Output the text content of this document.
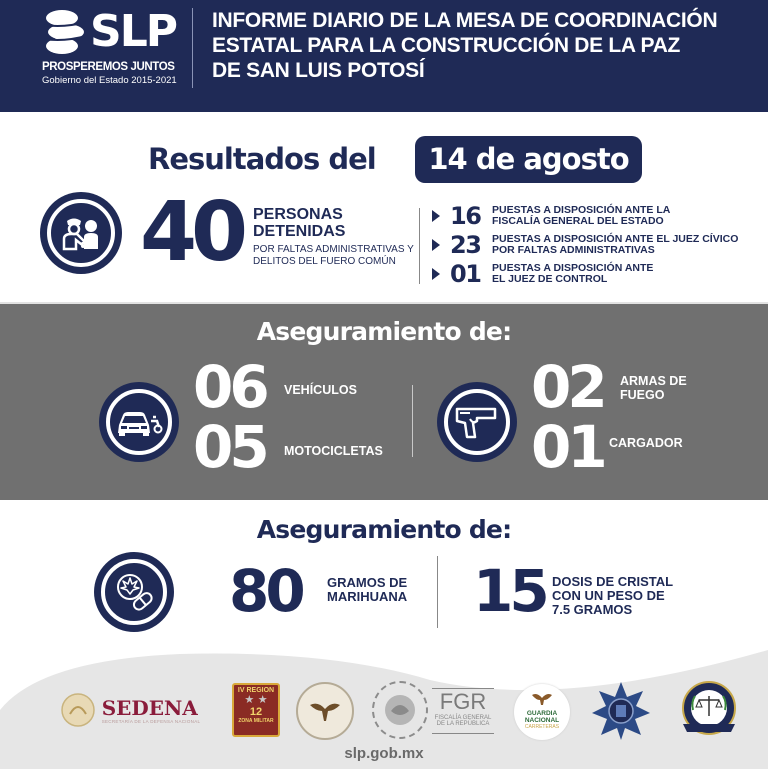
SLP
PROSPEREMOS JUNTOS
Gobierno del Estado 2015-2021
INFORME DIARIO DE LA MESA DE COORDINACIÓN
ESTATAL PARA LA CONSTRUCCIÓN DE LA PAZ
DE SAN LUIS POTOSÍ
Resultados del	14 de agosto
40 PERSONAS
DETENIDAS
POR FALTAS ADMINISTRATIVAS Y
DELITOS DEL FUERO COMÚN
16	PUESTAS A DISPOSICIÓN ANTE LA
FISCALÍA GENERAL DEL ESTADO
23	PUESTAS A DISPOSICIÓN ANTE EL JUEZ CÍVICO
POR FALTAS ADMINISTRATIVAS
01	PUESTAS A DISPOSICIÓN ANTE
EL JUEZ DE CONTROL
Aseguramiento de:
06 VEHÍCULOS
05 MOTOCICLETAS
02 ARMAS DE
FUEGO
01 CARGADOR
Aseguramiento de:
80 GRAMOS DE
MARIHUANA 15 DOSIS DE CRISTAL
CON UN PESO DE
7.5 GRAMOS
SEDENA
SECRETARÍA DE LA DEFENSA NACIONAL
IV REGION
★ ★
12
ZONA MILITAR
FGR
FISCALÍA GENERAL
DE LA REPÚBLICA
GUARDIA
NACIONAL
CARRETERAS
slp.gob.mx
